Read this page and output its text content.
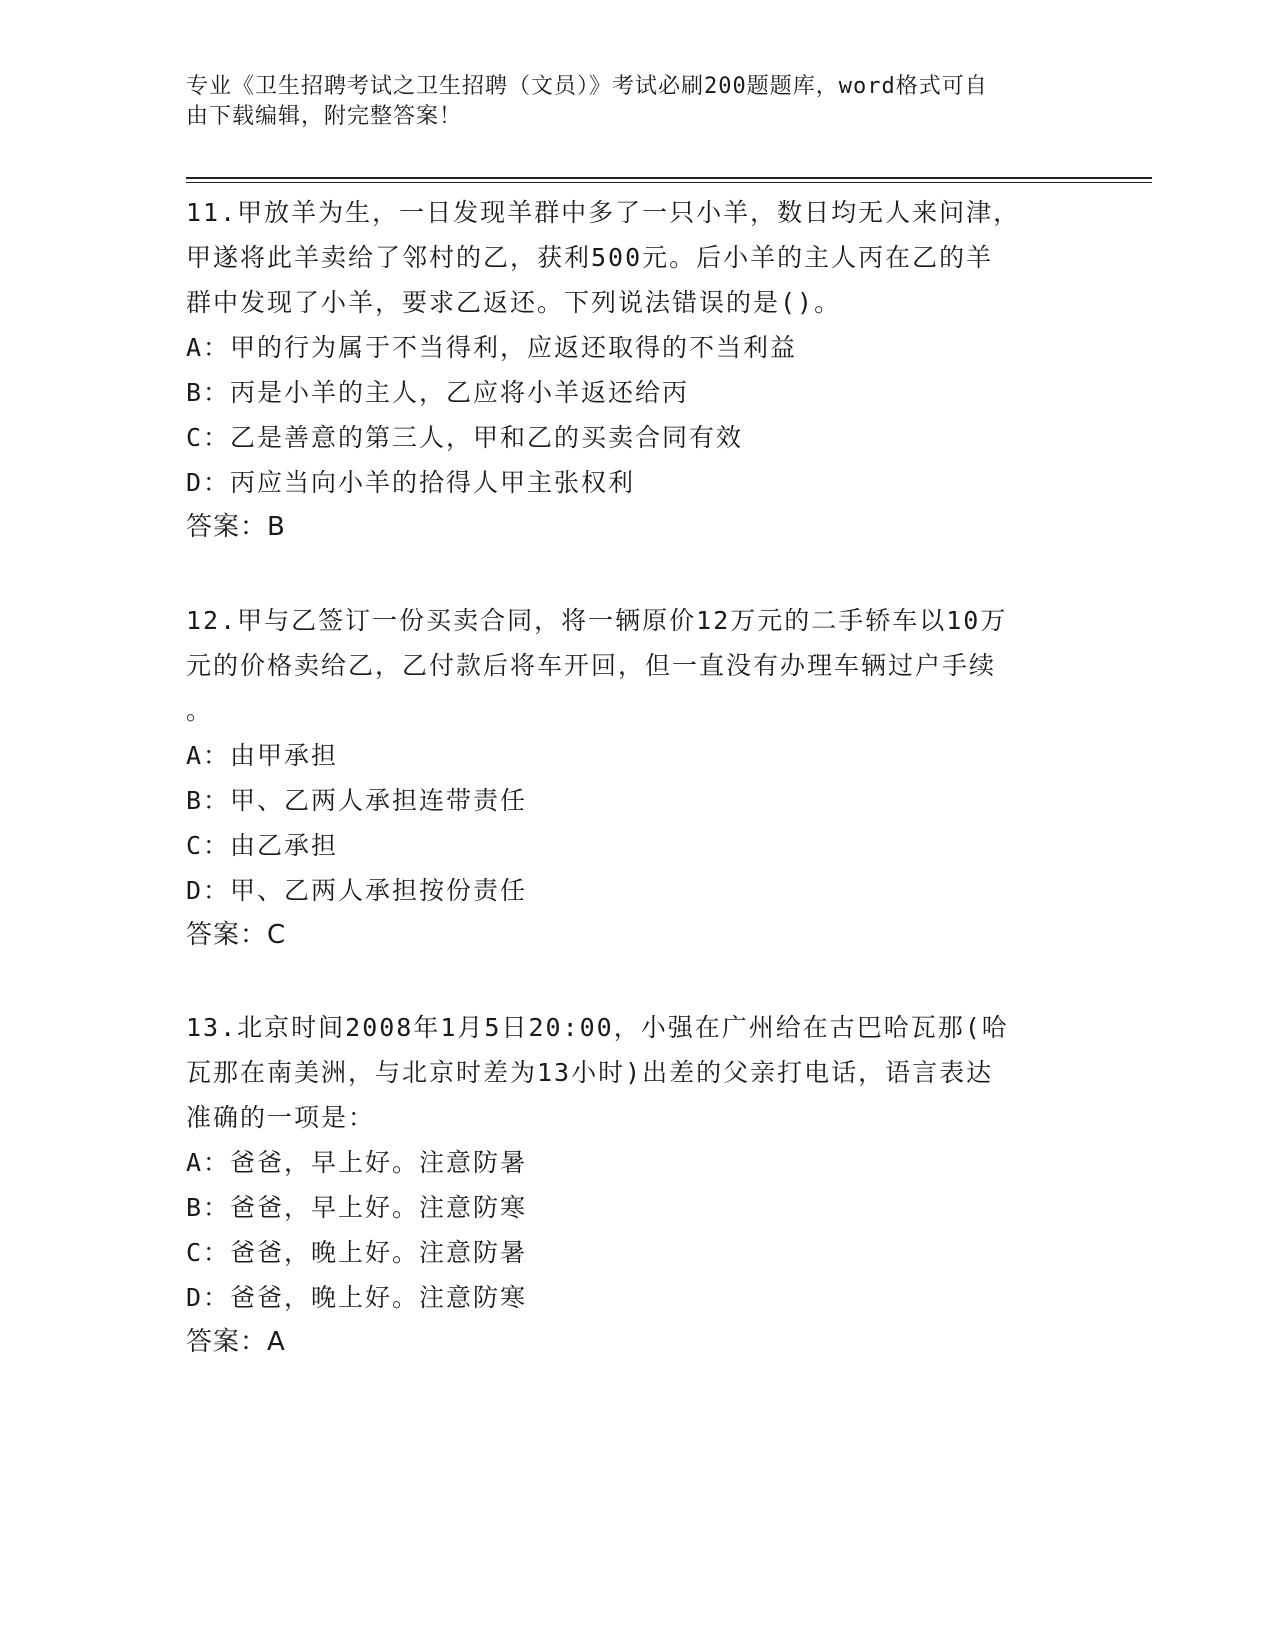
专业《卫生招聘考试之卫生招聘（文员）》考试必刷200题题库，word格式可自
由下载编辑，附完整答案！

11.甲放羊为生，一日发现羊群中多了一只小羊，数日均无人来问津，

甲遂将此羊卖给了邻村的乙，获利500元。后小羊的主人丙在乙的羊

群中发现了小羊，要求乙返还。下列说法错误的是()。

A：甲的行为属于不当得利，应返还取得的不当利益

B：丙是小羊的主人，乙应将小羊返还给丙

C：乙是善意的第三人，甲和乙的买卖合同有效

D：丙应当向小羊的拾得人甲主张权利

答案：B

12.甲与乙签订一份买卖合同，将一辆原价12万元的二手轿车以10万

元的价格卖给乙，乙付款后将车开回，但一直没有办理车辆过户手续

。

A：由甲承担

B：甲、乙两人承担连带责任

C：由乙承担

D：甲、乙两人承担按份责任

答案：C

13.北京时间2008年1月5日20:00，小强在广州给在古巴哈瓦那(哈

瓦那在南美洲，与北京时差为13小时)出差的父亲打电话，语言表达

准确的一项是：

A：爸爸，早上好。注意防暑

B：爸爸，早上好。注意防寒

C：爸爸，晚上好。注意防暑

D：爸爸，晚上好。注意防寒

答案：A
